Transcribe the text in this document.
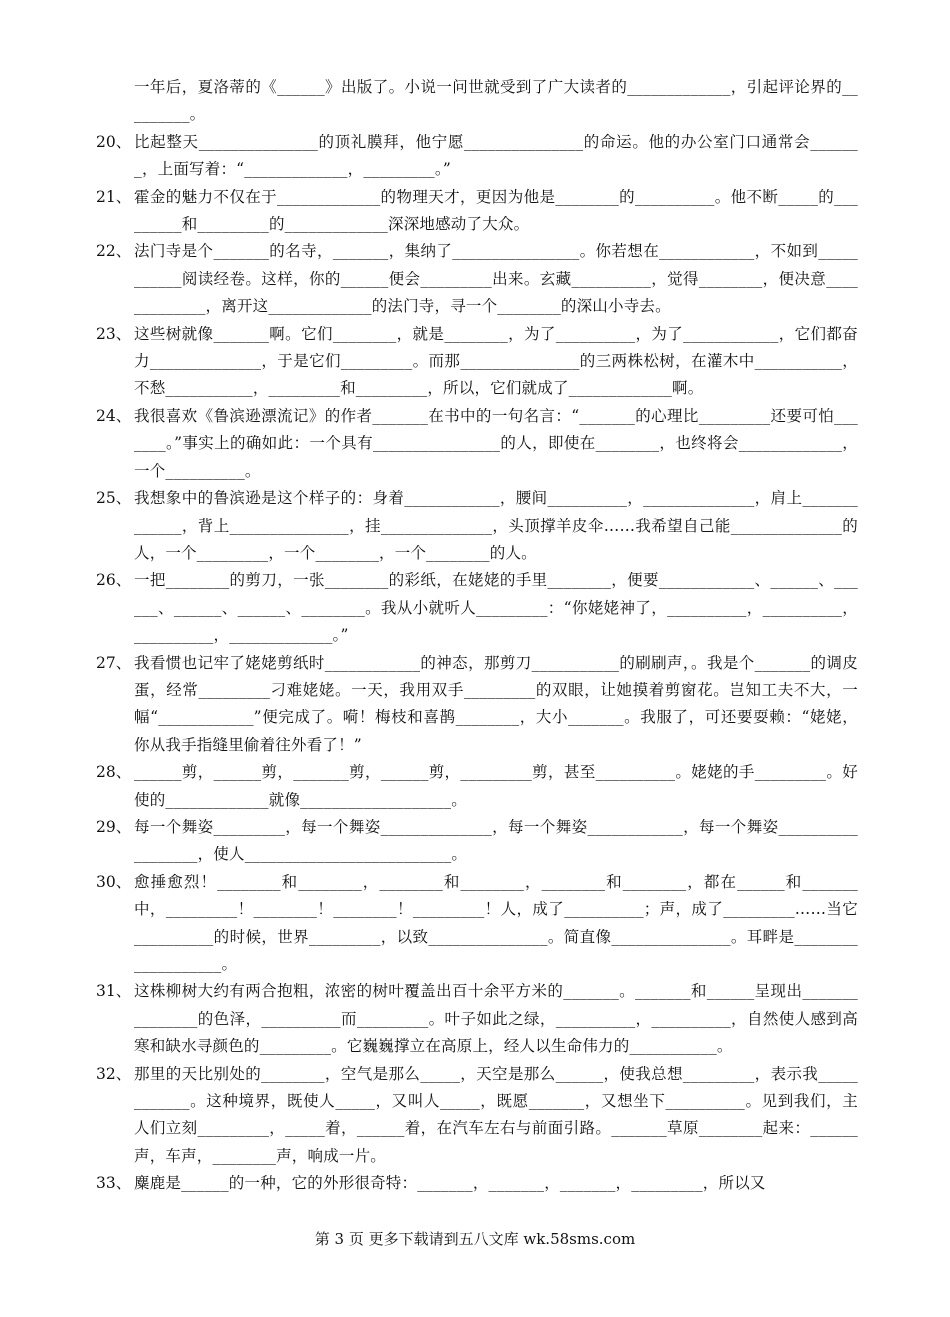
一年后，夏洛蒂的《______》出版了。小说一问世就受到了广大读者的_____________，引起评论界的_________。
20、 比起整天_______________的顶礼膜拜，他宁愿_______________的命运。他的办公室门口通常会_______，上面写着：“_____________，_________。”
21、 霍金的魅力不仅在于_____________的物理天才，更因为他是________的__________。他不断_____的_________和_________的_____________深深地感动了大众。
22、 法门寺是个_______的名寺，_______，集纳了________________。你若想在____________，不如到___________阅读经卷。这样，你的______便会_________出来。玄藏__________，觉得________，便决意_____________，离开这_____________的法门寺，寻一个________的深山小寺去。
23、 这些树就像_______啊。它们________，就是________，为了__________，为了____________，它们都奋力______________，于是它们_________。而那_______________的三两株松树，在灌木中___________，不愁___________，_________和_________，所以，它们就成了_____________啊。
24、 我很喜欢《鲁滨逊漂流记》的作者_______在书中的一句名言：“_______的心理比_________还要可怕_______。”事实上的确如此：一个具有________________的人，即使在________，也终将会_____________，一个__________。
25、 我想象中的鲁滨逊是这个样子的：身着____________，腰间__________，______________，肩上_____________，背上_______________，挂______________，头顶撑羊皮伞……我希望自己能______________的人，一个_________，一个________，一个________的人。
26、 一把________的剪刀，一张________的彩纸，在姥姥的手里________，便要____________、______、______、______、______、________。我从小就听人_________：“你姥姥神了，__________，__________，__________，_____________。”
27、 我看惯也记牢了姥姥剪纸时____________的神态，那剪刀___________的刷刷声，。我是个_______的调皮蛋，经常_________刁难姥姥。一天，我用双手_________的双眼，让她摸着剪窗花。岂知工夫不大，一幅“____________”便完成了。嗬！梅枝和喜鹊________，大小_______。我服了，可还要耍赖：“姥姥，你从我手指缝里偷着往外看了！”
28、 ______剪，______剪，_______剪，______剪，_________剪，甚至__________。姥姥的手_________。好使的_____________就像___________________。
29、 每一个舞姿_________，每一个舞姿______________，每一个舞姿____________，每一个舞姿__________________，使人__________________________。
30、 愈捶愈烈！________和________，________和________，________和________，都在______和_______中，_________！________！________！_________！人，成了__________；声，成了_________……当它__________的时候，世界_________，以致_______________。简直像_______________。耳畔是___________________。
31、 这株柳树大约有两合抱粗，浓密的树叶覆盖出百十余平方米的_______。_______和______呈现出_______________的色泽，__________而_________。叶子如此之绿，__________，__________，自然使人感到高寒和缺水寻颜色的_________。它巍巍撑立在高原上，经人以生命伟力的___________。
32、 那里的天比别处的________，空气是那么_____，天空是那么______，使我总想_________，表示我____________。这种境界，既使人_____，又叫人_____，既愿_______，又想坐下__________。见到我们，主人们立刻_________，_____着，______着，在汽车左右与前面引路。_______草原________起来：______声，车声，________声，响成一片。
33、 麋鹿是______的一种，它的外形很奇特：_______，_______，_______，_________，所以又
第 3 页 更多下载请到五八文库 wk.58sms.com
